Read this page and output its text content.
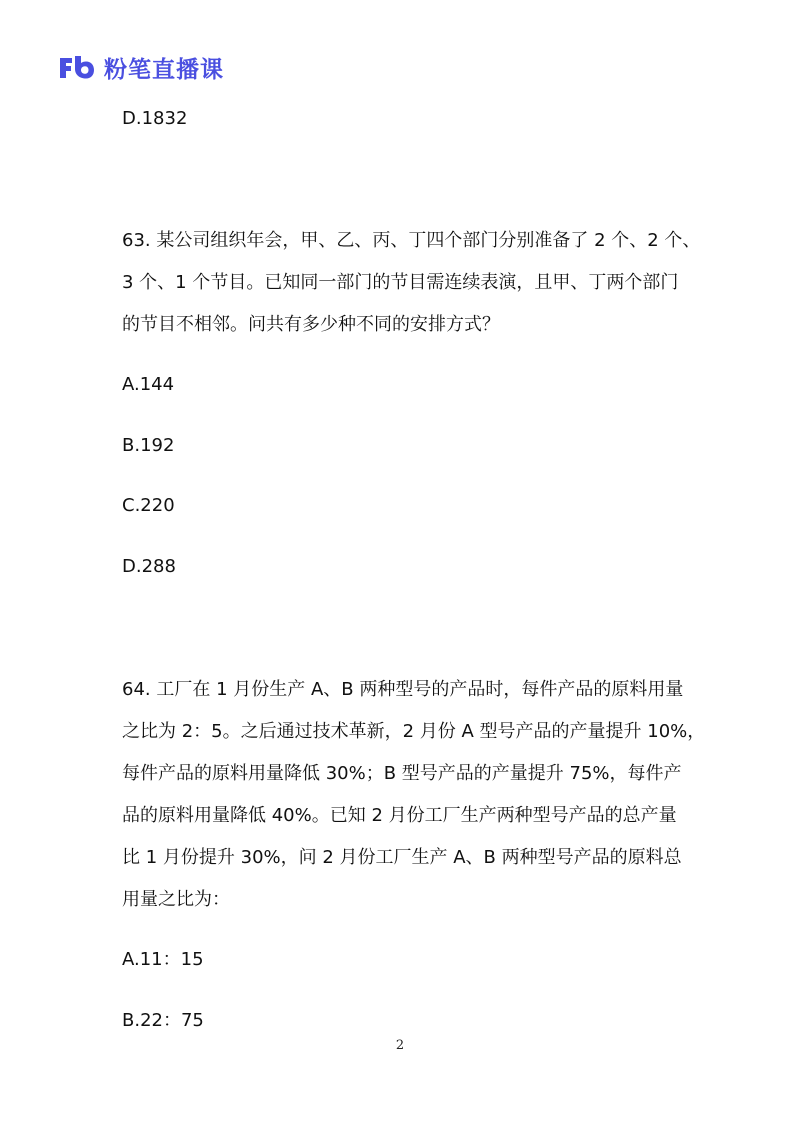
粉笔直播课
D.1832
63. 某公司组织年会，甲、乙、丙、丁四个部门分别准备了 2 个、2 个、
3 个、1 个节目。已知同一部门的节目需连续表演，且甲、丁两个部门
的节目不相邻。问共有多少种不同的安排方式？
A.144
B.192
C.220
D.288
64. 工厂在 1 月份生产 A、B 两种型号的产品时，每件产品的原料用量
之比为 2：5。之后通过技术革新，2 月份 A 型号产品的产量提升 10%，
每件产品的原料用量降低 30%；B 型号产品的产量提升 75%，每件产
品的原料用量降低 40%。已知 2 月份工厂生产两种型号产品的总产量
比 1 月份提升 30%，问 2 月份工厂生产 A、B 两种型号产品的原料总
用量之比为：
A.11：15
B.22：75
2
